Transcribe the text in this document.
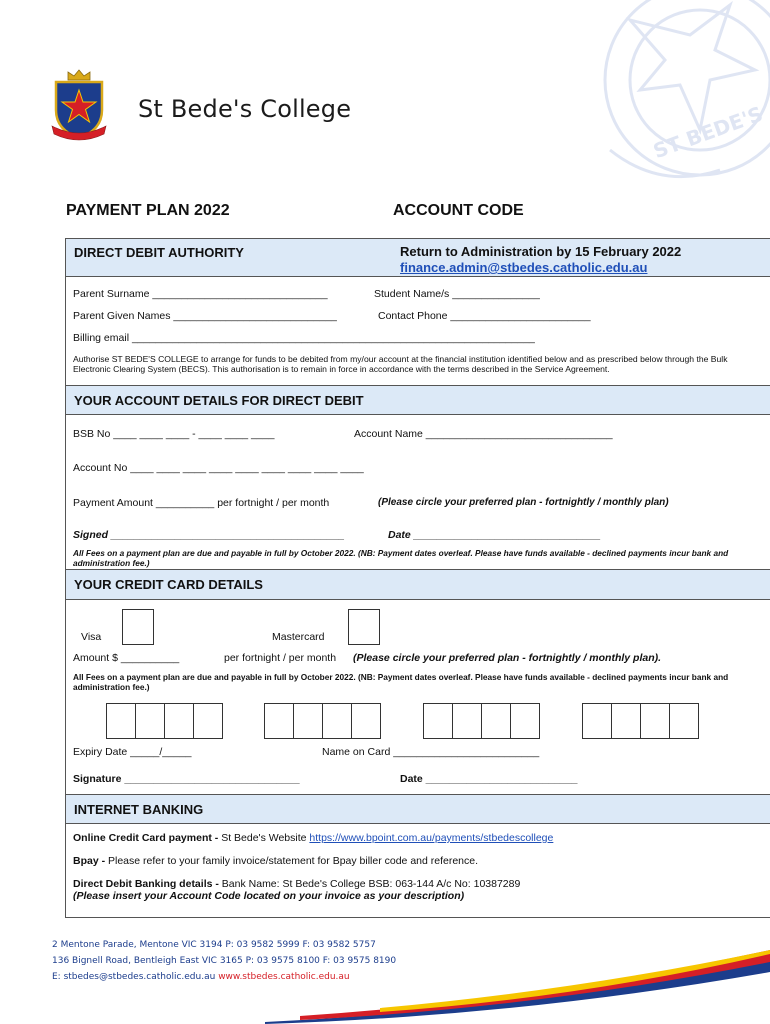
ST BEDE'S
St Bede's College
PAYMENT PLAN 2022	ACCOUNT CODE
DIRECT DEBIT AUTHORITY	Return to Administration by 15 February 2022
finance.admin@stbedes.catholic.edu.au
Parent Surname ______________________________	Student Name/s _______________
Parent Given Names ____________________________	Contact Phone ________________________
Billing email _____________________________________________________________________
Authorise ST BEDE'S COLLEGE to arrange for funds to be debited from my/our account at the financial institution identified below and as prescribed below through the Bulk Electronic Clearing System (BECS). This authorisation is to remain in force in accordance with the terms described in the Service Agreement.
YOUR ACCOUNT DETAILS FOR DIRECT DEBIT
BSB No ____ ____ ____ - ____ ____ ____	Account Name ________________________________
Account No ____ ____ ____ ____ ____ ____ ____ ____ ____
Payment Amount __________ per fortnight / per month	(Please circle your preferred plan - fortnightly / monthly plan)
Signed ________________________________________	Date ________________________________
All Fees on a payment plan are due and payable in full by October 2022. (NB: Payment dates overleaf. Please have funds available - declined payments incur bank and administration fee.)
YOUR CREDIT CARD DETAILS
Visa	Mastercard
Amount $ __________	per fortnight / per month (Please circle your preferred plan - fortnightly / monthly plan).
All Fees on a payment plan are due and payable in full by October 2022. (NB: Payment dates overleaf. Please have funds available - declined payments incur bank and administration fee.)
Expiry Date _____/_____	Name on Card _________________________
Signature ______________________________	Date __________________________
INTERNET BANKING
Online Credit Card payment - St Bede's Website https://www.bpoint.com.au/payments/stbedescollege
Bpay - Please refer to your family invoice/statement for Bpay biller code and reference.
Direct Debit Banking details - Bank Name: St Bede's College BSB: 063-144 A/c No: 10387289
(Please insert your Account Code located on your invoice as your description)
2 Mentone Parade, Mentone VIC 3194 P: 03 9582 5999 F: 03 9582 5757
136 Bignell Road, Bentleigh East VIC 3165 P: 03 9575 8100 F: 03 9575 8190
E: stbedes@stbedes.catholic.edu.au www.stbedes.catholic.edu.au
